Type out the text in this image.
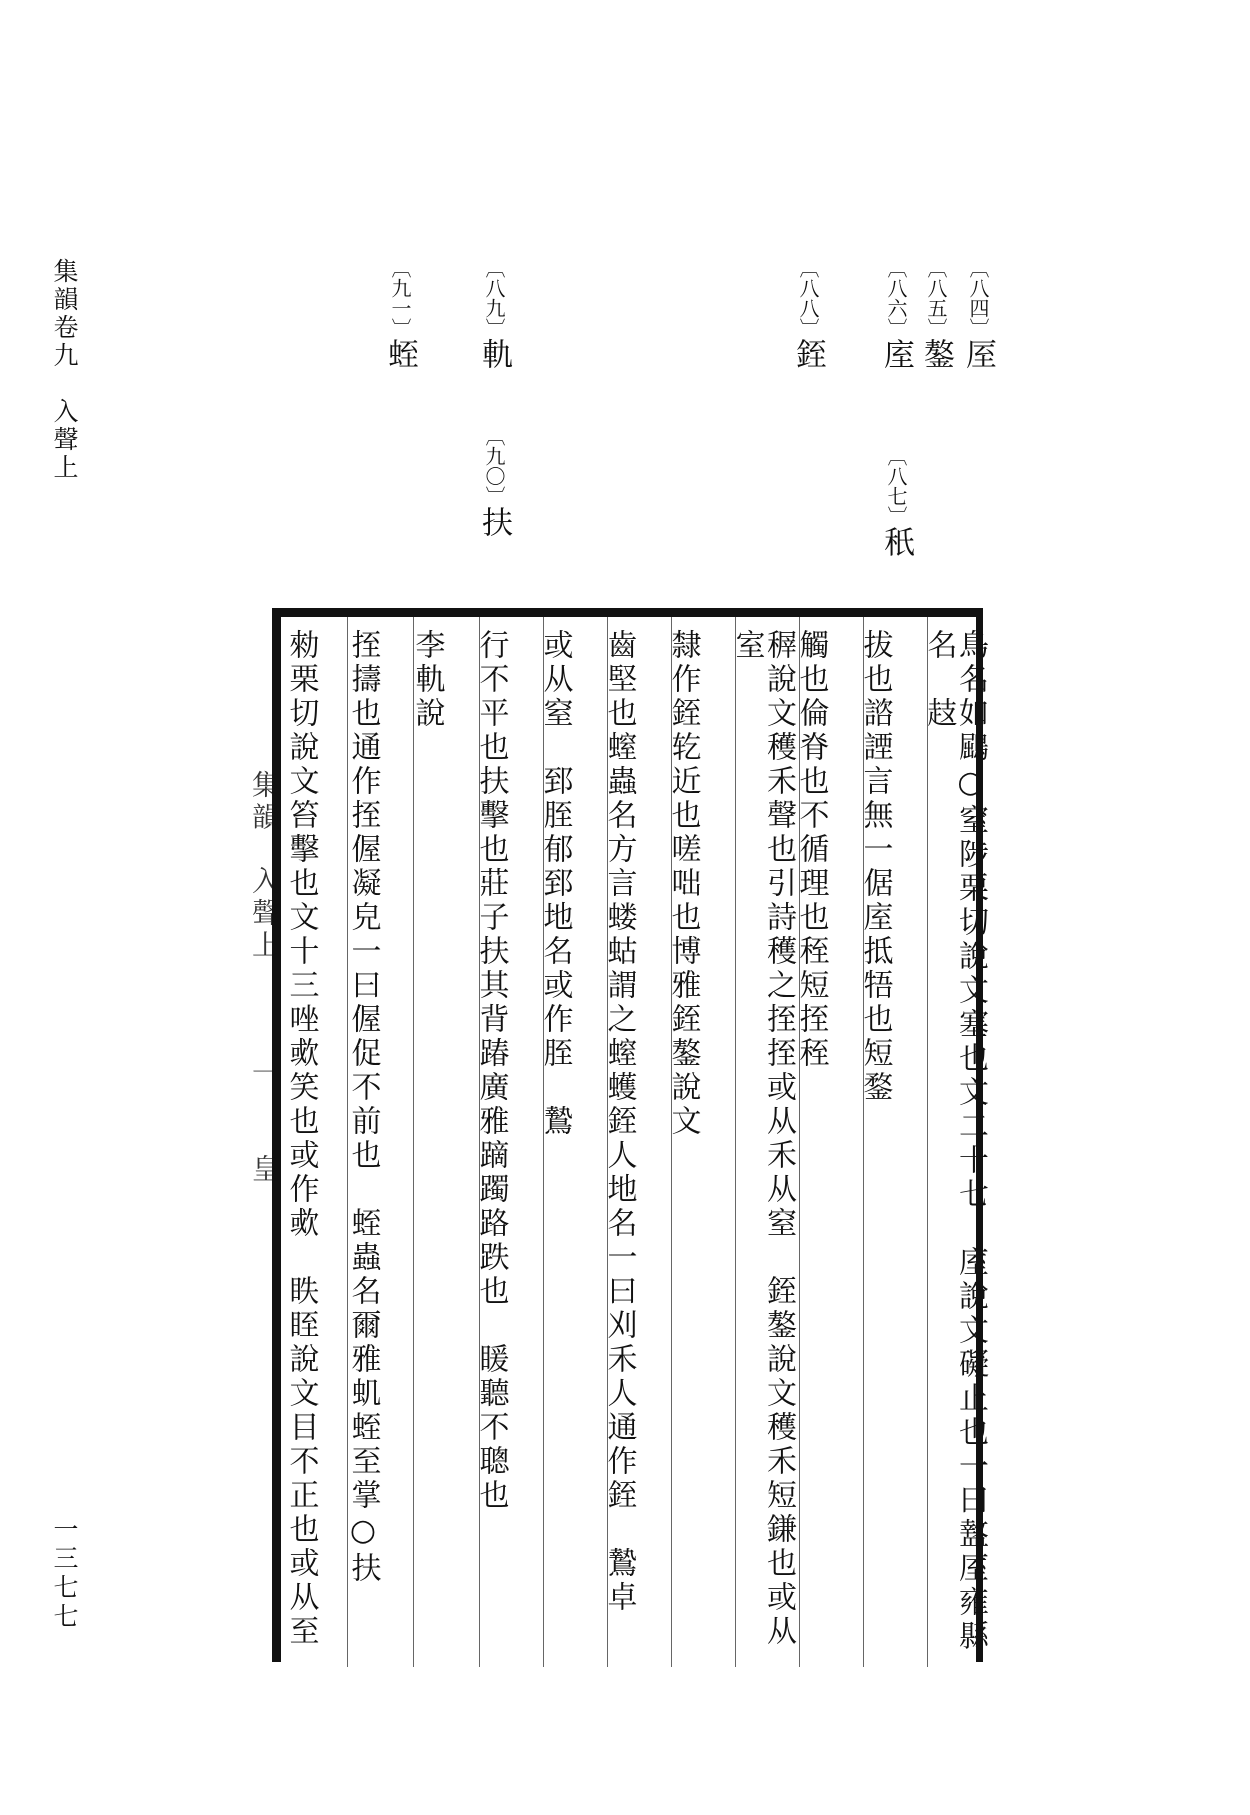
集韻卷九　入聲上
一三七七
〔八四〕厔
〔八五〕鏊
〔八六〕庢
〔八七〕秖
〔八八〕銍
〔八九〕軌
〔九〇〕扶
〔九一〕蛭
鳥名如鶌○窒陟栗切說文塞也文二十七　庢說文礙止也一曰盩厔雍縣名　䞚
拔也諮諲言無一倨庢抵牾也短鍪
觸也倫脊也不循理也秷短挃秷
稺說文穫禾聲也引詩穫之挃挃或从禾从窒　銍鏊說文穫禾短鎌也或从室
隸作銍䢀近也嗟咄也博雅銍鏊說文
齒堅也螲蟲名方言蝼蛄謂之螲蠖銍人地名一曰刈禾人通作銍　鷙卓
或从窒　郅胵郁郅地名或作胵　鷙
行不平也扶擊也莊子扶其背踳廣雅蹢躅路跌也　䁔聽不聰也
李軌說
挃擣也通作挃偓凝皃一曰偓促不前也　蛭蟲名爾雅虮蛭至掌○扶
勑栗切說文笞擊也文十三唑㰲笑也或作㰲　眣眰說文目不正也或从至
集韻　入聲上　　　一　　皇
